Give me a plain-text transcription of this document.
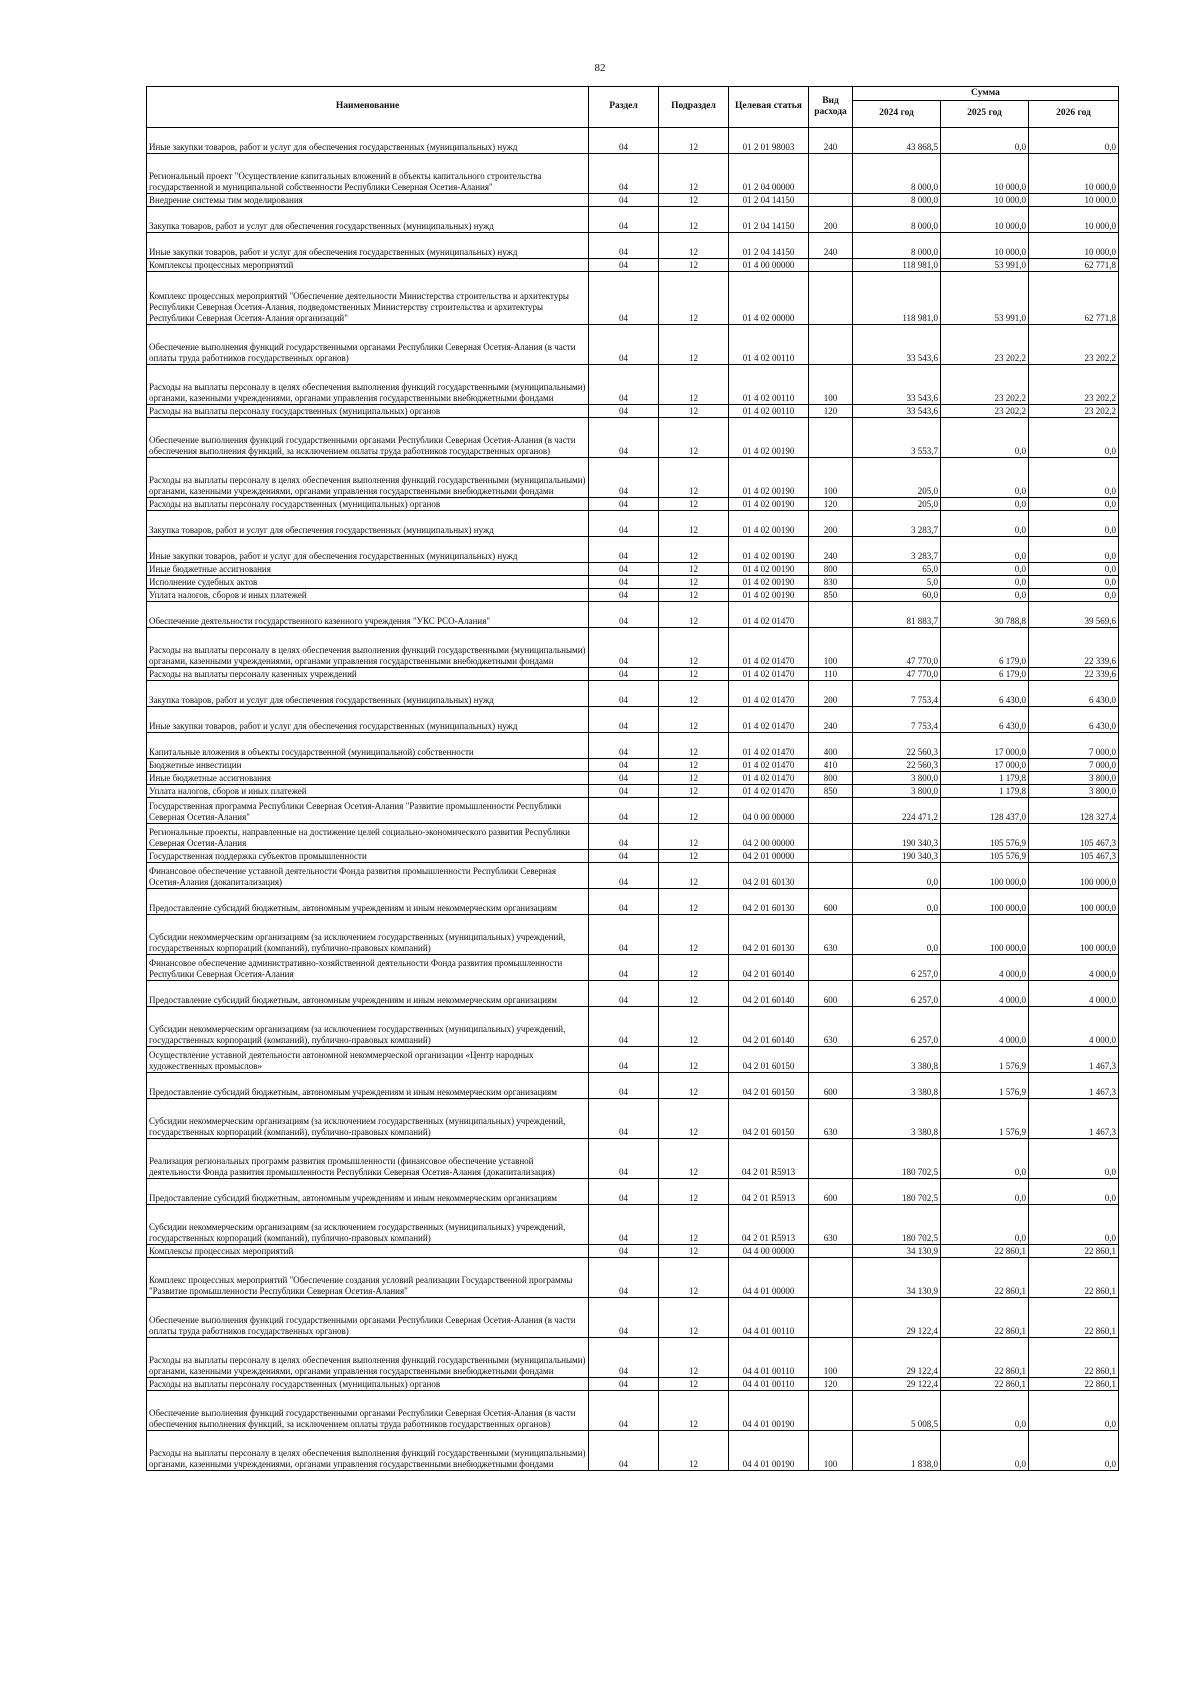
82
Наименование	Раздел	Подраздел	Целевая статья	Вид расхода	Сумма		
					2024 год	2025 год	2026 год
Иные закупки товаров, работ и услуг для обеспечения государственных (муниципальных) нужд	04	12	01 2 01 98003	240	43 868,5	0,0	0,0
Региональный проект "Осуществление капитальных вложений в объекты капитального строительства государственной и муниципальной собственности Республики Северная Осетия-Алания"	04	12	01 2 04 00000		8 000,0	10 000,0	10 000,0
Внедрение системы тим моделирования	04	12	01 2 04 14150		8 000,0	10 000,0	10 000,0
Закупка товаров, работ и услуг для обеспечения государственных (муниципальных) нужд	04	12	01 2 04 14150	200	8 000,0	10 000,0	10 000,0
Иные закупки товаров, работ и услуг для обеспечения государственных (муниципальных) нужд	04	12	01 2 04 14150	240	8 000,0	10 000,0	10 000,0
Комплексы процессных мероприятий	04	12	01 4 00 00000		118 981,0	53 991,0	62 771,8
Комплекс процессных мероприятий "Обеспечение деятельности Министерства строительства и архитектуры Республики Северная Осетия-Алания, подведомственных Министерству строительства и архитектуры Республики Северная Осетия-Алания организаций"	04	12	01 4 02 00000		118 981,0	53 991,0	62 771,8
Обеспечение выполнения функций государственными органами Республики Северная Осетия-Алания (в части оплаты труда работников государственных органов)	04	12	01 4 02 00110		33 543,6	23 202,2	23 202,2
Расходы на выплаты персоналу в целях обеспечения выполнения функций государственными (муниципальными) органами, казенными учреждениями, органами управления государственными внебюджетными фондами	04	12	01 4 02 00110	100	33 543,6	23 202,2	23 202,2
Расходы на выплаты персоналу государственных (муниципальных) органов	04	12	01 4 02 00110	120	33 543,6	23 202,2	23 202,2
Обеспечение выполнения функций государственными органами Республики Северная Осетия-Алания (в части обеспечения выполнения функций, за исключением оплаты труда работников государственных органов)	04	12	01 4 02 00190		3 553,7	0,0	0,0
Расходы на выплаты персоналу в целях обеспечения выполнения функций государственными (муниципальными) органами, казенными учреждениями, органами управления государственными внебюджетными фондами	04	12	01 4 02 00190	100	205,0	0,0	0,0
Расходы на выплаты персоналу государственных (муниципальных) органов	04	12	01 4 02 00190	120	205,0	0,0	0,0
Закупка товаров, работ и услуг для обеспечения государственных (муниципальных) нужд	04	12	01 4 02 00190	200	3 283,7	0,0	0,0
Иные закупки товаров, работ и услуг для обеспечения государственных (муниципальных) нужд	04	12	01 4 02 00190	240	3 283,7	0,0	0,0
Иные бюджетные ассигнования	04	12	01 4 02 00190	800	65,0	0,0	0,0
Исполнение судебных актов	04	12	01 4 02 00190	830	5,0	0,0	0,0
Уплата налогов, сборов и иных платежей	04	12	01 4 02 00190	850	60,0	0,0	0,0
Обеспечение деятельности государственного казенного учреждения "УКС РСО-Алания"	04	12	01 4 02 01470		81 883,7	30 788,8	39 569,6
Расходы на выплаты персоналу в целях обеспечения выполнения функций государственными (муниципальными) органами, казенными учреждениями, органами управления государственными внебюджетными фондами	04	12	01 4 02 01470	100	47 770,0	6 179,0	22 339,6
Расходы на выплаты персоналу казенных учреждений	04	12	01 4 02 01470	110	47 770,0	6 179,0	22 339,6
Закупка товаров, работ и услуг для обеспечения государственных (муниципальных) нужд	04	12	01 4 02 01470	200	7 753,4	6 430,0	6 430,0
Иные закупки товаров, работ и услуг для обеспечения государственных (муниципальных) нужд	04	12	01 4 02 01470	240	7 753,4	6 430,0	6 430,0
Капитальные вложения в объекты государственной (муниципальной) собственности	04	12	01 4 02 01470	400	22 560,3	17 000,0	7 000,0
Бюджетные инвестиции	04	12	01 4 02 01470	410	22 560,3	17 000,0	7 000,0
Иные бюджетные ассигнования	04	12	01 4 02 01470	800	3 800,0	1 179,8	3 800,0
Уплата налогов, сборов и иных платежей	04	12	01 4 02 01470	850	3 800,0	1 179,8	3 800,0
Государственная программа Республики Северная Осетия-Алания "Развитие промышленности Республики Северная Осетия-Алания"	04	12	04 0 00 00000		224 471,2	128 437,0	128 327,4
Региональные проекты, направленные на достижение целей социально-экономического развития Республики Северная Осетия-Алания	04	12	04 2 00 00000		190 340,3	105 576,9	105 467,3
Государственная поддержка субъектов промышленности	04	12	04 2 01 00000		190 340,3	105 576,9	105 467,3
Финансовое обеспечение уставной деятельности Фонда развития промышленности Республики Северная Осетия-Алания (докапитализация)	04	12	04 2 01 60130		0,0	100 000,0	100 000,0
Предоставление субсидий бюджетным, автономным учреждениям и иным некоммерческим организациям	04	12	04 2 01 60130	600	0,0	100 000,0	100 000,0
Субсидии некоммерческим организациям (за исключением государственных (муниципальных) учреждений, государственных корпораций (компаний), публично-правовых компаний)	04	12	04 2 01 60130	630	0,0	100 000,0	100 000,0
Финансовое обеспечение административно-хозяйственной деятельности Фонда развития промышленности Республики Северная Осетия-Алания	04	12	04 2 01 60140		6 257,0	4 000,0	4 000,0
Предоставление субсидий бюджетным, автономным учреждениям и иным некоммерческим организациям	04	12	04 2 01 60140	600	6 257,0	4 000,0	4 000,0
Субсидии некоммерческим организациям (за исключением государственных (муниципальных) учреждений, государственных корпораций (компаний), публично-правовых компаний)	04	12	04 2 01 60140	630	6 257,0	4 000,0	4 000,0
Осуществление уставной деятельности автономной некоммерческой организации «Центр народных художественных промыслов»	04	12	04 2 01 60150		3 380,8	1 576,9	1 467,3
Предоставление субсидий бюджетным, автономным учреждениям и иным некоммерческим организациям	04	12	04 2 01 60150	600	3 380,8	1 576,9	1 467,3
Субсидии некоммерческим организациям (за исключением государственных (муниципальных) учреждений, государственных корпораций (компаний), публично-правовых компаний)	04	12	04 2 01 60150	630	3 380,8	1 576,9	1 467,3
Реализация региональных программ развития промышленности (финансовое обеспечение уставной деятельности Фонда развития промышленности Республики Северная Осетия-Алания (докапитализация)	04	12	04 2 01 R5913		180 702,5	0,0	0,0
Предоставление субсидий бюджетным, автономным учреждениям и иным некоммерческим организациям	04	12	04 2 01 R5913	600	180 702,5	0,0	0,0
Субсидии некоммерческим организациям (за исключением государственных (муниципальных) учреждений, государственных корпораций (компаний), публично-правовых компаний)	04	12	04 2 01 R5913	630	180 702,5	0,0	0,0
Комплексы процессных мероприятий	04	12	04 4 00 00000		34 130,9	22 860,1	22 860,1
Комплекс процессных мероприятий "Обеспечение создания условий реализации Государственной программы "Развитие промышленности Республики Северная Осетия-Алания"	04	12	04 4 01 00000		34 130,9	22 860,1	22 860,1
Обеспечение выполнения функций государственными органами Республики Северная Осетия-Алания (в части оплаты труда работников государственных органов)	04	12	04 4 01 00110		29 122,4	22 860,1	22 860,1
Расходы на выплаты персоналу в целях обеспечения выполнения функций государственными (муниципальными) органами, казенными учреждениями, органами управления государственными внебюджетными фондами	04	12	04 4 01 00110	100	29 122,4	22 860,1	22 860,1
Расходы на выплаты персоналу государственных (муниципальных) органов	04	12	04 4 01 00110	120	29 122,4	22 860,1	22 860,1
Обеспечение выполнения функций государственными органами Республики Северная Осетия-Алания (в части обеспечения выполнения функций, за исключением оплаты труда работников государственных органов)	04	12	04 4 01 00190		5 008,5	0,0	0,0
Расходы на выплаты персоналу в целях обеспечения выполнения функций государственными (муниципальными) органами, казенными учреждениями, органами управления государственными внебюджетными фондами	04	12	04 4 01 00190	100	1 838,0	0,0	0,0
